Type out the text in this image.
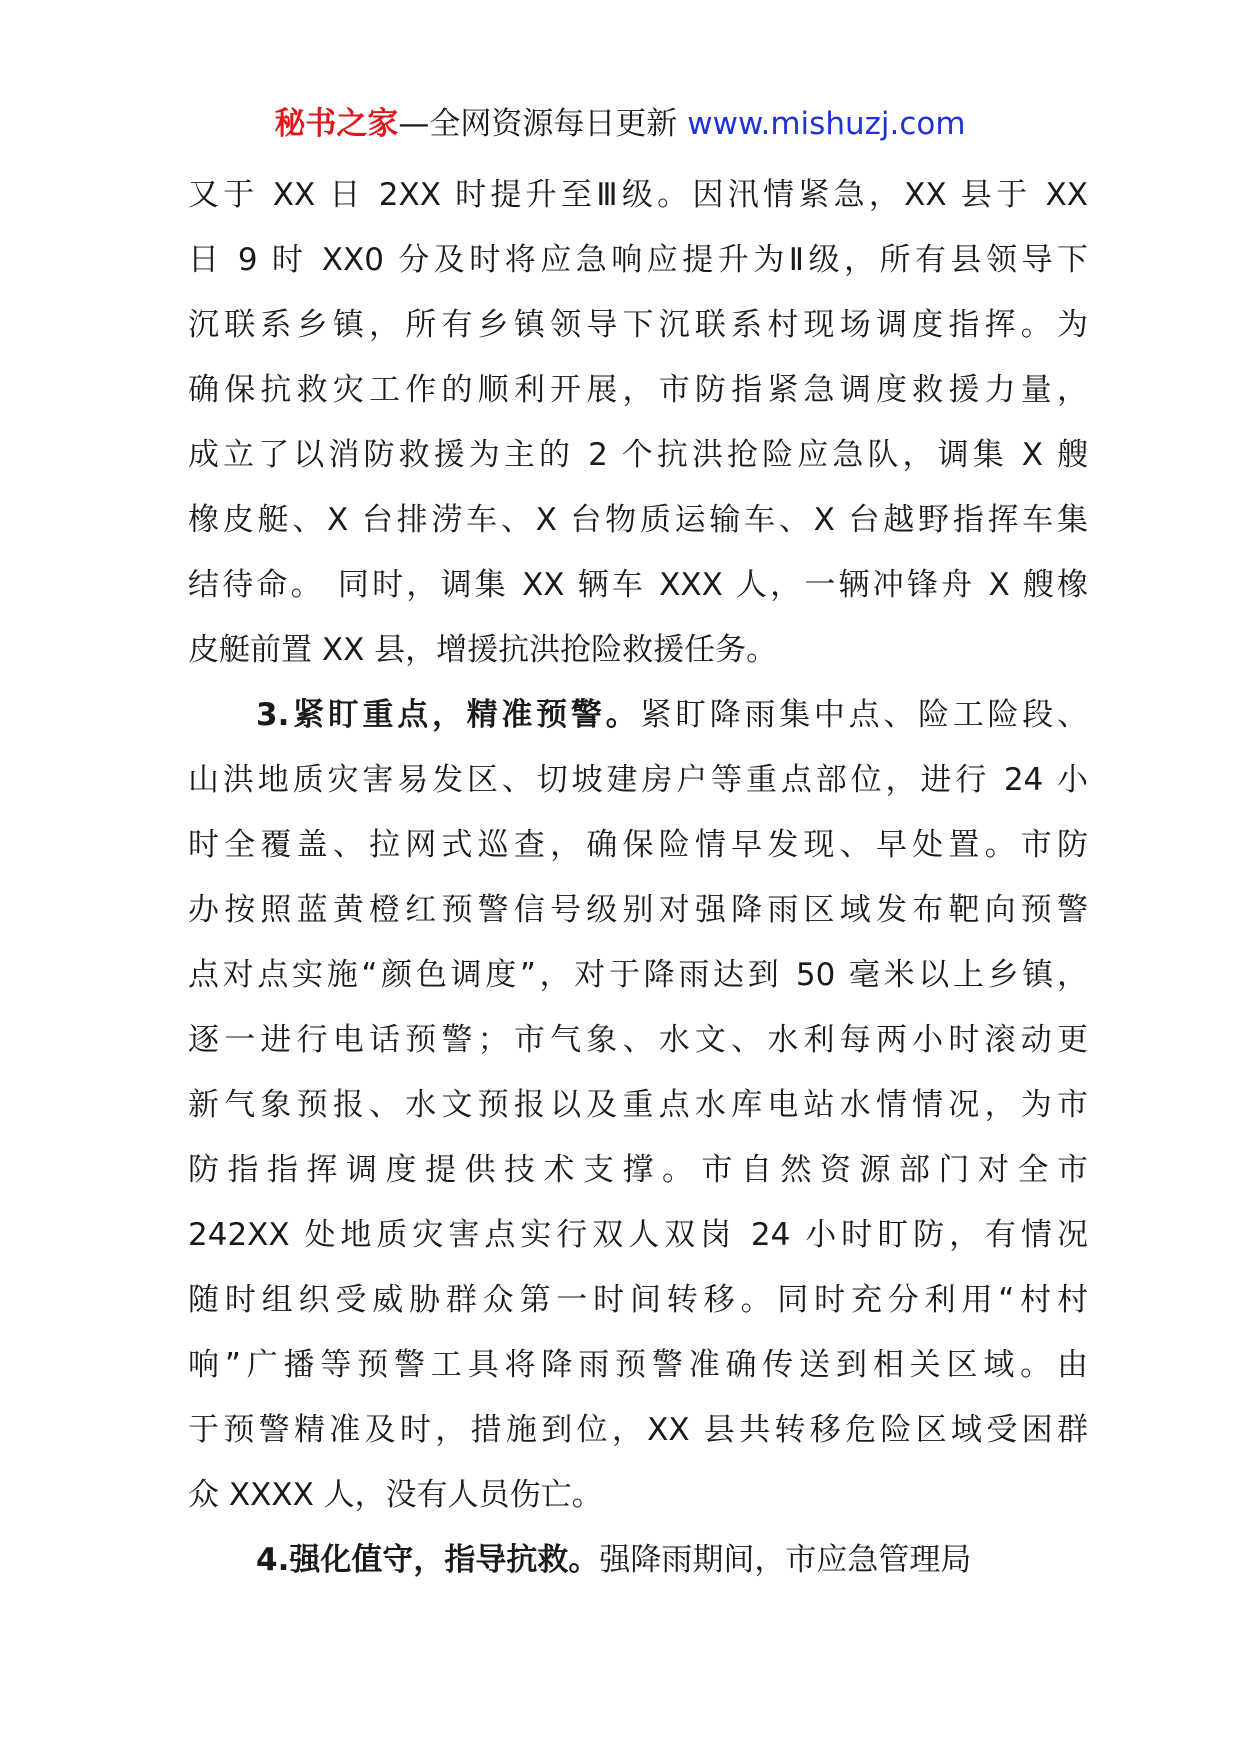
秘书之家—全网资源每日更新 www.mishuzj.com
又于 XX 日 2XX 时提升至Ⅲ级。因汛情紧急，XX 县于 XX
日 9 时 XX0 分及时将应急响应提升为Ⅱ级，所有县领导下
沉联系乡镇，所有乡镇领导下沉联系村现场调度指挥。为
确保抗救灾工作的顺利开展，市防指紧急调度救援力量，
成立了以消防救援为主的 2 个抗洪抢险应急队，调集 X 艘
橡皮艇、X 台排涝车、X 台物质运输车、X 台越野指挥车集
结待命。 同时，调集 XX 辆车 XXX 人，一辆冲锋舟 X 艘橡
皮艇前置 XX 县，增援抗洪抢险救援任务。
3.紧盯重点，精准预警。紧盯降雨集中点、险工险段、
山洪地质灾害易发区、切坡建房户等重点部位，进行 24 小
时全覆盖、拉网式巡查，确保险情早发现、早处置。市防
办按照蓝黄橙红预警信号级别对强降雨区域发布靶向预警
点对点实施“颜色调度”，对于降雨达到 50 毫米以上乡镇，
逐一进行电话预警；市气象、水文、水利每两小时滚动更
新气象预报、水文预报以及重点水库电站水情情况，为市
防指指挥调度提供技术支撑。市自然资源部门对全市
242XX 处地质灾害点实行双人双岗 24 小时盯防，有情况
随时组织受威胁群众第一时间转移。同时充分利用“村村
响”广播等预警工具将降雨预警准确传送到相关区域。由
于预警精准及时，措施到位，XX 县共转移危险区域受困群
众 XXXX 人，没有人员伤亡。
4.强化值守，指导抗救。强降雨期间，市应急管理局
